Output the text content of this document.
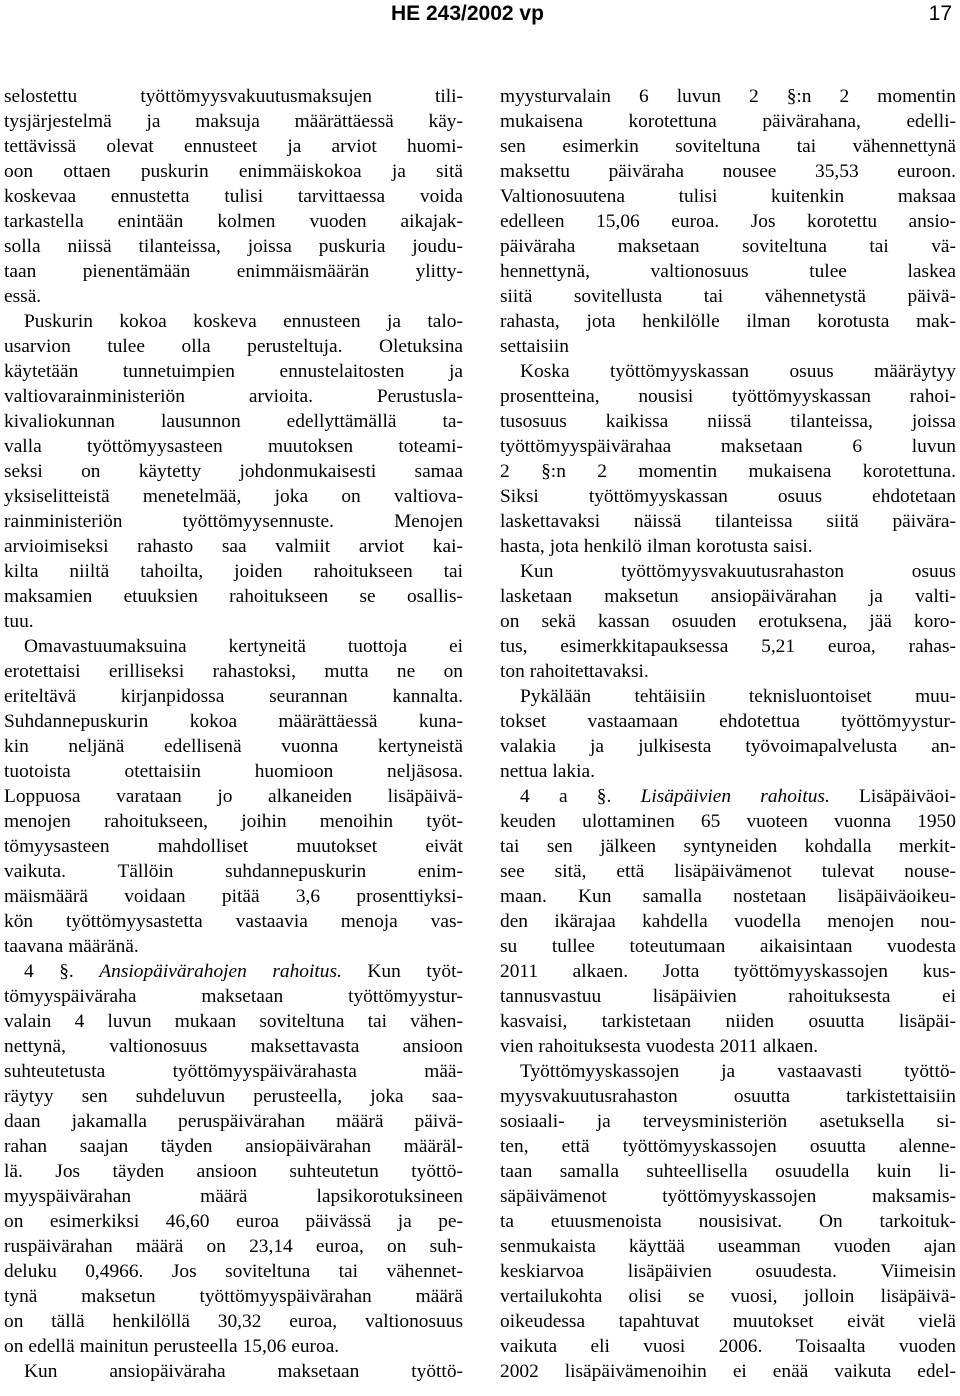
HE 243/2002 vp	17
selostettu	työttömyysvakuutusmaksujen	tili-
tysjärjestelmä ja maksuja määrättäessä käy-
tettävissä olevat ennusteet ja arviot huomi-
oon ottaen puskurin enimmäiskokoa ja sitä
koskevaa ennustetta tulisi tarvittaessa voida
tarkastella enintään kolmen vuoden aikajak-
solla niissä tilanteissa, joissa puskuria joudu-
taan pienentämään enimmäismäärän ylitty-
essä.
Puskurin kokoa koskeva ennusteen ja talo-
usarvion tulee olla perusteltuja. Oletuksina
käytetään tunnetuimpien ennustelaitosten ja
valtiovarainministeriön	arvioita.	Perustusla-
kivaliokunnan lausunnon edellyttämällä ta-
valla työttömyysasteen muutoksen toteami-
seksi on käytetty johdonmukaisesti samaa
yksiselitteistä menetelmää, joka on valtiova-
rainministeriön	työttömyysennuste.	Menojen
arvioimiseksi rahasto saa valmiit arviot kai-
kilta niiltä tahoilta, joiden rahoitukseen tai
maksamien etuuksien rahoitukseen se osallis-
tuu.
Omavastuumaksuina kertyneitä tuottoja ei
erotettaisi erilliseksi rahastoksi, mutta ne on
eriteltävä kirjanpidossa seurannan kannalta.
Suhdannepuskurin kokoa määrättäessä kuna-
kin neljänä edellisenä vuonna kertyneistä
tuotoista	otettaisiin	huomioon	neljäsosa.
Loppuosa varataan jo alkaneiden lisäpäivä-
menojen rahoitukseen, joihin menoihin työt-
tömyysasteen mahdolliset muutokset eivät
vaikuta.	Tällöin	suhdannepuskurin	enim-
mäismäärä voidaan pitää 3,6 prosenttiyksi-
kön työttömyysastetta vastaavia menoja vas-
taavana määränä.
4 §. Ansiopäivärahojen rahoitus. Kun työt-
tömyyspäiväraha	maksetaan	työttömyystur-
valain 4 luvun mukaan soviteltuna tai vähen-
nettynä, valtionosuus maksettavasta ansioon
suhteutetusta	työttömyyspäivärahasta	mää-
räytyy sen suhdeluvun perusteella, joka saa-
daan jakamalla peruspäivärahan määrä päivä-
rahan saajan täyden ansiopäivärahan määräl-
lä. Jos täyden ansioon suhteutetun työttö-
myyspäivärahan	määrä	lapsikorotuksineen
on esimerkiksi 46,60 euroa päivässä ja pe-
ruspäivärahan määrä on 23,14 euroa, on suh-
deluku 0,4966. Jos soviteltuna tai vähennet-
tynä maksetun työttömyyspäivärahan määrä
on tällä henkilöllä 30,32 euroa, valtionosuus
on edellä mainitun perusteella 15,06 euroa.
Kun	ansiopäiväraha	maksetaan	työttö-
myysturvalain 6 luvun 2 §:n 2 momentin
mukaisena korotettuna päivärahana, edelli-
sen esimerkin soviteltuna tai vähennettynä
maksettu päiväraha nousee 35,53 euroon.
Valtionosuutena	tulisi	kuitenkin	maksaa
edelleen 15,06 euroa. Jos korotettu ansio-
päiväraha maksetaan soviteltuna tai vä-
hennettynä,	valtionosuus	tulee	laskea
siitä sovitellusta tai vähennetystä päivä-
rahasta, jota henkilölle ilman korotusta mak-
settaisiin
Koska työttömyyskassan osuus määräytyy
prosentteina, nousisi työttömyyskassan rahoi-
tusosuus kaikissa niissä tilanteissa, joissa
työttömyyspäivärahaa	maksetaan	6	luvun
2 §:n 2 momentin mukaisena korotettuna.
Siksi	työttömyyskassan	osuus	ehdotetaan
laskettavaksi näissä tilanteissa siitä päivära-
hasta, jota henkilö ilman korotusta saisi.
Kun	työttömyysvakuutusrahaston	osuus
lasketaan maksetun ansiopäivärahan ja valti-
on sekä kassan osuuden erotuksena, jää koro-
tus, esimerkkitapauksessa 5,21 euroa, rahas-
ton rahoitettavaksi.
Pykälään tehtäisiin teknisluontoiset muu-
tokset vastaamaan ehdotettua työttömyystur-
valakia ja julkisesta työvoimapalvelusta an-
nettua lakia.
4 a §. Lisäpäivien rahoitus. Lisäpäiväoi-
keuden ulottaminen 65 vuoteen vuonna 1950
tai sen jälkeen syntyneiden kohdalla merkit-
see sitä, että lisäpäivämenot tulevat nouse-
maan. Kun samalla nostetaan lisäpäiväoikeu-
den ikärajaa kahdella vuodella menojen nou-
su tullee toteutumaan aikaisintaan vuodesta
2011 alkaen. Jotta työttömyyskassojen kus-
tannusvastuu	lisäpäivien	rahoituksesta	ei
kasvaisi, tarkistetaan niiden osuutta lisäpäi-
vien rahoituksesta vuodesta 2011 alkaen.
Työttömyyskassojen ja vastaavasti työttö-
myysvakuutusrahaston	osuutta	tarkistettaisiin
sosiaali- ja terveysministeriön asetuksella si-
ten, että työttömyyskassojen osuutta alenne-
taan samalla suhteellisella osuudella kuin li-
säpäivämenot	työttömyyskassojen	maksamis-
ta etuusmenoista nousisivat. On tarkoituk-
senmukaista käyttää useamman vuoden ajan
keskiarvoa lisäpäivien osuudesta. Viimeisin
vertailukohta olisi se vuosi, jolloin lisäpäivä-
oikeudessa tapahtuvat muutokset eivät vielä
vaikuta eli vuosi 2006. Toisaalta vuoden
2002 lisäpäivämenoihin ei enää vaikuta edel-
